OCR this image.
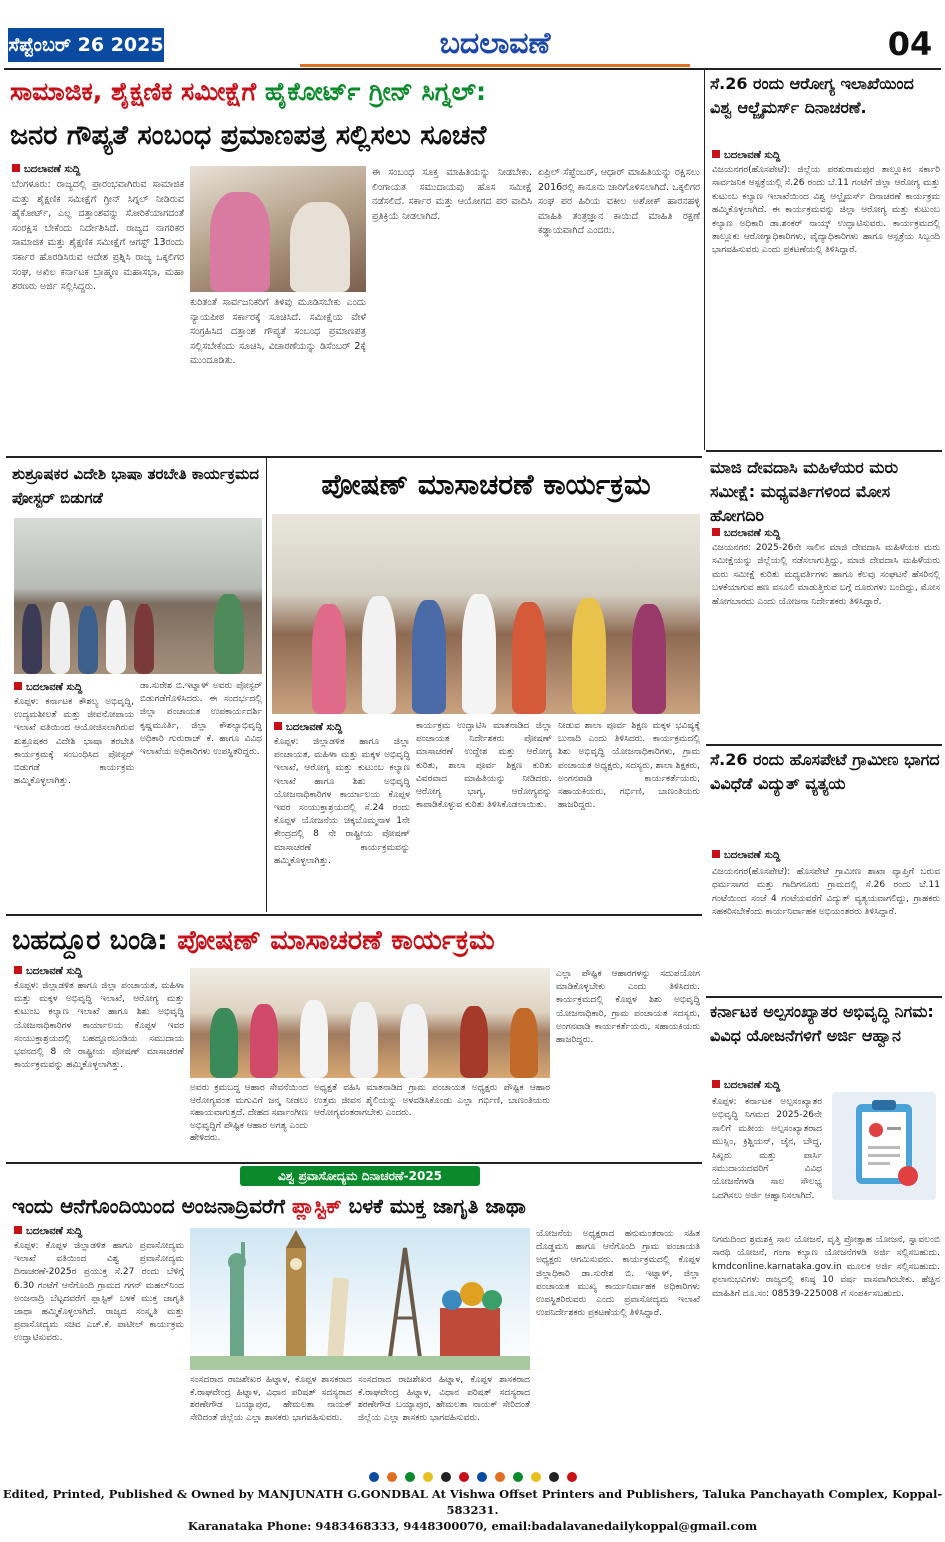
ಸೆಪ್ಟೆಂಬರ್ 26 2025	ಬದಲಾವಣೆ	04
ಸಾಮಾಜಿಕ, ಶೈಕ್ಷಣಿಕ ಸಮೀಕ್ಷೆಗೆ ಹೈಕೋರ್ಟ್ ಗ್ರೀನ್ ಸಿಗ್ನಲ್:
ಜನರ ಗೌಪ್ಯತೆ ಸಂಬಂಧ ಪ್ರಮಾಣಪತ್ರ ಸಲ್ಲಿಸಲು ಸೂಚನೆ
ಬದಲಾವಣೆ ಸುದ್ದಿ
ಬೆಂಗಳೂರು: ರಾಜ್ಯದಲ್ಲಿ ಪ್ರಾರಂಭವಾಗಿರುವ ಸಾಮಾಜಿಕ ಮತ್ತು ಶೈಕ್ಷಣಿಕ ಸಮೀಕ್ಷೆಗೆ ಗ್ರೀನ್ ಸಿಗ್ನಲ್ ನೀಡಿರುವ ಹೈಕೋರ್ಟ್, ಎಲ್ಲ ದತ್ತಾಂಶವನ್ನು ಸೋರಿಕೆಯಾಗದಂತೆ ಸಂರಕ್ಷಿಸ ಬೇಕೆಂದು ನಿರ್ದೇಶಿಸಿದೆ. ರಾಜ್ಯದ ನಾಗರಿಕರ ಸಾಮಾಜಿಕ ಮತ್ತು ಶೈಕ್ಷಣಿಕ ಸಮೀಕ್ಷೆಗೆ ಆಗಸ್ಟ್ 13ರಂದು ಸರ್ಕಾರ ಹೊರಡಿಸಿರುವ ಆದೇಶ ಪ್ರಶ್ನಿಸಿ ರಾಜ್ಯ ಒಕ್ಕಲಿಗರ ಸಂಘ, ಅಖಿಲ ಕರ್ನಾಟಕ ಬ್ರಾಹ್ಮಣ ಮಹಾಸಭಾ, ಮಹಾ ಶರಣರು ಅರ್ಜಿ ಸಲ್ಲಿಸಿದ್ದರು.
ಕುರಿತಂತೆ ಸಾರ್ವಜನಿಕರಿಗೆ ತಿಳಿವು ಮೂಡಿಸಬೇಕು ಎಂದು ನ್ಯಾಯಪೀಠ ಸರ್ಕಾರಕ್ಕೆ ಸೂಚಿಸಿದೆ. ಸಮೀಕ್ಷೆಯ ವೇಳೆ ಸಂಗ್ರಹಿಸಿದ ದತ್ತಾಂಶ ಗೌಪ್ಯತೆ ಸಂಬಂಧ ಪ್ರಮಾಣಪತ್ರ ಸಲ್ಲಿಸಬೇಕೆಂದು ಸೂಚಿಸಿ, ವಿಚಾರಣೆಯನ್ನು ಡಿಸೆಂಬರ್ 2ಕ್ಕೆ ಮುಂದೂಡಿತು.
ಈ ಸಂಬಂಧ ಸೂಕ್ತ ಮಾಹಿತಿಯನ್ನು ನೀಡಬೇಕು. ಲಿಂಗಾಯತ ಸಮುದಾಯವು ಹೊಸ ಸಮೀಕ್ಷೆ ನಡೆಸಲಿದೆ. ಸರ್ಕಾರ ಮತ್ತು ಆಯೋಗದ ಪರ ವಾದಿಸಿ ಪ್ರತಿಕ್ರಿಯೆ ನೀಡಲಾಗಿದೆ.
ಏಪ್ರಿಲ್ ಸೆಪ್ಟೆಂಬರ್, ಆಧಾರ್ ಮಾಹಿತಿಯನ್ನು ರಕ್ಷಿಸಲು 2016ರಲ್ಲಿ ಕಾನೂನು ಜಾರಿಗೊಳಿಸಲಾಗಿದೆ. ಒಕ್ಕಲಿಗರ ಸಂಘ ಪರ ಹಿರಿಯ ವಕೀಲ ಅಶೋಕ್ ಹಾರನಹಳ್ಳಿ ಮಾಹಿತಿ ತಂತ್ರಜ್ಞಾನ ಕಾಯಿದೆ ಮಾಹಿತಿ ರಕ್ಷಣೆ ಕಡ್ಡಾಯವಾಗಿದೆ ಎಂದರು.
ಸೆ.26 ರಂದು ಆರೋಗ್ಯ ಇಲಾಖೆಯಿಂದ ವಿಶ್ವ ಆಲ್ಜೈಮರ್ಸ್ ದಿನಾಚರಣೆ.
ಬದಲಾವಣೆ ಸುದ್ದಿ
ವಿಜಯನಗರ(ಹೊಸಪೇಟೆ): ಜಿಲ್ಲೆಯ ಪರಶುರಾಮಪುರ ತಾಲ್ಲೂಕಿನ ಸರ್ಕಾರಿ ಸಾರ್ವಜನಿಕ ಆಸ್ಪತ್ರೆಯಲ್ಲಿ ಸೆ.26 ರಂದು ಬೆ.11 ಗಂಟೆಗೆ ಜಿಲ್ಲಾ ಆರೋಗ್ಯ ಮತ್ತು ಕುಟುಂಬ ಕಲ್ಯಾಣ ಇಲಾಖೆಯಿಂದ ವಿಶ್ವ ಆಲ್ಜೈಮರ್ಸ್ ದಿನಾಚರಣೆ ಕಾರ್ಯಕ್ರಮ ಹಮ್ಮಿಕೊಳ್ಳಲಾಗಿದೆ. ಈ ಕಾರ್ಯಕ್ರಮವನ್ನು ಜಿಲ್ಲಾ ಆರೋಗ್ಯ ಮತ್ತು ಕುಟುಂಬ ಕಲ್ಯಾಣ ಅಧಿಕಾರಿ ಡಾ.ಶಂಕರ್ ನಾಯ್ಕ್ ಉದ್ಘಾಟಿಸುವರು. ಕಾರ್ಯಕ್ರಮದಲ್ಲಿ ತಾಲ್ಲೂಕು ಆರೋಗ್ಯಾಧಿಕಾರಿಗಳು, ವೈದ್ಯಾಧಿಕಾರಿಗಳು ಹಾಗೂ ಆಸ್ಪತ್ರೆಯ ಸಿಬ್ಬಂದಿ ಭಾಗವಹಿಸುವರು ಎಂದು ಪ್ರಕಟಣೆಯಲ್ಲಿ ತಿಳಿಸಿದ್ದಾರೆ.
ಮಾಜಿ ದೇವದಾಸಿ ಮಹಿಳೆಯರ ಮರು ಸಮೀಕ್ಷೆ: ಮಧ್ಯವರ್ತಿಗಳಿಂದ ಮೋಸ ಹೋಗದಿರಿ
ಬದಲಾವಣೆ ಸುದ್ದಿ
ವಿಜಯನಗರ: 2025-26ನೇ ಸಾಲಿನ ಮಾಜಿ ದೇವದಾಸಿ ಮಹಿಳೆಯರ ಮರು ಸಮೀಕ್ಷೆಯನ್ನು ಜಿಲ್ಲೆಯಲ್ಲಿ ನಡೆಸಲಾಗುತ್ತಿದ್ದು, ಮಾಜಿ ದೇವದಾಸಿ ಮಹಿಳೆಯರು ಮರು ಸಮೀಕ್ಷೆ ಕುರಿತು ಮಧ್ಯವರ್ತಿಗಳು ಹಾಗೂ ಕೆಲವು ಸಂಘಟನೆ ಹೆಸರಿನಲ್ಲಿ ಬಳಕೆಯಾಗುವ ಹಣ ವಸೂಲಿ ಮಾಡುತ್ತಿರುವ ಬಗ್ಗೆ ದೂರುಗಳು ಬಂದಿದ್ದು, ಮೋಸ ಹೋಗಬಾರದು ಎಂದು ಯೋಜನಾ ನಿರ್ದೇಶಕರು ತಿಳಿಸಿದ್ದಾರೆ.
ಸೆ.26 ರಂದು ಹೊಸಪೇಟೆ ಗ್ರಾಮೀಣ ಭಾಗದ ವಿವಿಧೆಡೆ ವಿದ್ಯುತ್ ವ್ಯತ್ಯಯ
ಬದಲಾವಣೆ ಸುದ್ದಿ
ವಿಜಯನಗರ(ಹೊಸಪೇಟೆ): ಹೊಸಪೇಟೆ ಗ್ರಾಮೀಣ ಶಾಖಾ ವ್ಯಾಪ್ತಿಗೆ ಬರುವ ಧರ್ಮಸಾಗರ ಮತ್ತು ಗಾದಿಗನೂರು ಗ್ರಾಮದಲ್ಲಿ ಸೆ.26 ರಂದು ಬೆ.11 ಗಂಟೆಯಿಂದ ಸಂಜೆ 4 ಗಂಟೆಯವರೆಗೆ ವಿದ್ಯುತ್ ವ್ಯತ್ಯಯವಾಗಲಿದ್ದು, ಗ್ರಾಹಕರು ಸಹಕರಿಸಬೇಕೆಂದು ಕಾರ್ಯನಿರ್ವಾಹಕ ಅಭಿಯಂತರರು ತಿಳಿಸಿದ್ದಾರೆ.
ಕರ್ನಾಟಕ ಅಲ್ಪಸಂಖ್ಯಾತರ ಅಭಿವೃದ್ಧಿ ನಿಗಮ: ವಿವಿಧ ಯೋಜನೆಗಳಿಗೆ ಅರ್ಜಿ ಆಹ್ವಾನ
ಬದಲಾವಣೆ ಸುದ್ದಿ
ಕೊಪ್ಪಳ: ಕರ್ನಾಟಕ ಅಲ್ಪಸಂಖ್ಯಾತರ ಅಭಿವೃದ್ಧಿ ನಿಗಮದ 2025-26ನೇ ಸಾಲಿಗೆ ಮತೀಯ ಅಲ್ಪಸಂಖ್ಯಾತರಾದ ಮುಸ್ಲಿಂ, ಕ್ರಿಶ್ಚಿಯನ್, ಜೈನ, ಬೌದ್ಧ, ಸಿಖ್ಖರು ಮತ್ತು ಪಾರ್ಸಿ ಸಮುದಾಯದವರಿಗೆ ವಿವಿಧ ಯೋಜನೆಗಳಡಿ ಸಾಲ ಸೌಲಭ್ಯ ಒದಗಿಸಲು ಅರ್ಜಿ ಆಹ್ವಾನಿಸಲಾಗಿದೆ.
ನಿಗಮದಿಂದ ಶ್ರಮಶಕ್ತಿ ಸಾಲ ಯೋಜನೆ, ವೃತ್ತಿ ಪ್ರೋತ್ಸಾಹ ಯೋಜನೆ, ಸ್ವಾವಲಂಬಿ ಸಾರಥಿ ಯೋಜನೆ, ಗಂಗಾ ಕಲ್ಯಾಣ ಯೋಜನೆಗಳಡಿ ಅರ್ಜಿ ಸಲ್ಲಿಸಬಹುದು. kmdconline.karnataka.gov.in ಮೂಲಕ ಅರ್ಜಿ ಸಲ್ಲಿಸಬಹುದು. ಫಲಾನುಭವಿಗಳು ರಾಜ್ಯದಲ್ಲಿ ಕನಿಷ್ಠ 10 ವರ್ಷ ವಾಸವಾಗಿರಬೇಕು. ಹೆಚ್ಚಿನ ಮಾಹಿತಿಗೆ ದೂ.ಸಂ: 08539-225008 ಗೆ ಸಂಪರ್ಕಿಸಬಹುದು.
ಶುಶ್ರೂಷಕರ ವಿದೇಶಿ ಭಾಷಾ ತರಬೇತಿ ಕಾರ್ಯಕ್ರಮದ ಪೋಸ್ಟರ್ ಬಿಡುಗಡೆ
ಬದಲಾವಣೆ ಸುದ್ದಿ
ಕೊಪ್ಪಳ: ಕರ್ನಾಟಕ ಕೌಶಲ್ಯ ಅಭಿವೃದ್ಧಿ, ಉದ್ಯಮಶೀಲತೆ ಮತ್ತು ಜೀವನೋಪಾಯ ಇಲಾಖೆ ವತಿಯಿಂದ ಆಯೋಜಿಸಲಾಗಿರುವ ಶುಶ್ರೂಷಕರ ವಿದೇಶಿ ಭಾಷಾ ತರಬೇತಿ ಕಾರ್ಯಕ್ರಮಕ್ಕೆ ಸಂಬಂಧಿಸಿದ ಪೋಸ್ಟರ್ ಬಿಡುಗಡೆ ಕಾರ್ಯಕ್ರಮ ಹಮ್ಮಿಕೊಳ್ಳಲಾಗಿತ್ತು.
ಡಾ.ಸುರೇಶ ಬಿ.ಇಟ್ನಾಳ್ ಅವರು ಪೋಸ್ಟರ್ ಬಿಡುಗಡೆಗೊಳಿಸಿದರು. ಈ ಸಂದರ್ಭದಲ್ಲಿ ಜಿಲ್ಲಾ ಪಂಚಾಯತ ಉಪಕಾರ್ಯದರ್ಶಿ ಕೃಷ್ಣಮೂರ್ತಿ, ಜಿಲ್ಲಾ ಕೌಶಲ್ಯಾಭಿವೃದ್ಧಿ ಅಧಿಕಾರಿ ಗುರುರಾಜ್ ಕೆ. ಹಾಗೂ ವಿವಿಧ ಇಲಾಖೆಯ ಅಧಿಕಾರಿಗಳು ಉಪಸ್ಥಿತರಿದ್ದರು.
ಪೋಷಣ್ ಮಾಸಾಚರಣೆ ಕಾರ್ಯಕ್ರಮ
ಬದಲಾವಣೆ ಸುದ್ದಿ
ಕೊಪ್ಪಳ: ಜಿಲ್ಲಾಡಳಿತ ಹಾಗೂ ಜಿಲ್ಲಾ ಪಂಚಾಯತ, ಮಹಿಳಾ ಮತ್ತು ಮಕ್ಕಳ ಅಭಿವೃದ್ಧಿ ಇಲಾಖೆ, ಆರೋಗ್ಯ ಮತ್ತು ಕುಟುಂಬ ಕಲ್ಯಾಣ ಇಲಾಖೆ ಹಾಗೂ ಶಿಶು ಅಭಿವೃದ್ಧಿ ಯೋಜನಾಧಿಕಾರಿಗಳ ಕಾರ್ಯಾಲಯ ಕೊಪ್ಪಳ ಇವರ ಸಂಯುಕ್ತಾಶ್ರಯದಲ್ಲಿ ಸೆ.24 ರಂದು ಕೊಪ್ಪಳ ಯೋಜನೆಯ ಚಿಕ್ಕಬೊಮ್ಮನಾಳ 1ನೇ ಕೇಂದ್ರದಲ್ಲಿ 8 ನೇ ರಾಷ್ಟ್ರೀಯ ಪೋಷಣ್ ಮಾಸಾಚರಣೆ ಕಾರ್ಯಕ್ರಮವನ್ನು ಹಮ್ಮಿಕೊಳ್ಳಲಾಗಿತ್ತು.
ಕಾರ್ಯಕ್ರಮ ಉದ್ಘಾಟಿಸಿ ಮಾತನಾಡಿದ ಜಿಲ್ಲಾ ಪಂಚಾಯತ ನಿರ್ದೇಶಕರು ಪೋಷಣ್ ಮಾಸಾಚರಣೆ ಉದ್ದೇಶ ಮತ್ತು ಆರೋಗ್ಯ ಕುರಿತು, ಶಾಲಾ ಪೂರ್ವ ಶಿಕ್ಷಣ ಕುರಿತು ವಿವರವಾದ ಮಾಹಿತಿಯನ್ನು ನೀಡಿದರು. ಆರೋಗ್ಯ ಭಾಗ್ಯ, ಆರೋಗ್ಯವನ್ನು ಕಾಪಾಡಿಕೊಳ್ಳುವ ಕುರಿತು ತಿಳಿಸಿಕೊಡಲಾಯಿತು.
ನೀಡುವ ಶಾಲಾ ಪೂರ್ವ ಶಿಕ್ಷಣ ಮಕ್ಕಳ ಭವಿಷ್ಯಕ್ಕೆ ಬುನಾದಿ ಎಂದು ತಿಳಿಸಿದರು. ಕಾರ್ಯಕ್ರಮದಲ್ಲಿ ಶಿಶು ಅಭಿವೃದ್ಧಿ ಯೋಜನಾಧಿಕಾರಿಗಳು, ಗ್ರಾಮ ಪಂಚಾಯತ ಅಧ್ಯಕ್ಷರು, ಸದಸ್ಯರು, ಶಾಲಾ ಶಿಕ್ಷಕರು, ಅಂಗನವಾಡಿ ಕಾರ್ಯಕರ್ತೆಯರು, ಸಹಾಯಕಿಯರು, ಗರ್ಭಿಣಿ, ಬಾಣಂತಿಯರು ಹಾಜರಿದ್ದರು.
ಬಹದ್ದೂರ ಬಂಡಿ: ಪೋಷಣ್ ಮಾಸಾಚರಣೆ ಕಾರ್ಯಕ್ರಮ
ಬದಲಾವಣೆ ಸುದ್ದಿ
ಕೊಪ್ಪಳ: ಜಿಲ್ಲಾಡಳಿತ ಹಾಗೂ ಜಿಲ್ಲಾ ಪಂಚಾಯತ, ಮಹಿಳಾ ಮತ್ತು ಮಕ್ಕಳ ಅಭಿವೃದ್ಧಿ ಇಲಾಖೆ, ಆರೋಗ್ಯ ಮತ್ತು ಕುಟುಂಬ ಕಲ್ಯಾಣ ಇಲಾಖೆ ಹಾಗೂ ಶಿಶು ಅಭಿವೃದ್ಧಿ ಯೋಜನಾಧಿಕಾರಿಗಳ ಕಾರ್ಯಾಲಯ ಕೊಪ್ಪಳ ಇವರ ಸಂಯುಕ್ತಾಶ್ರಯದಲ್ಲಿ ಬಹದ್ದೂರಬಂಡಿಯ ಸಮುದಾಯ ಭವನದಲ್ಲಿ 8 ನೇ ರಾಷ್ಟ್ರೀಯ ಪೋಷಣ್ ಮಾಸಾಚರಣೆ ಕಾರ್ಯಕ್ರಮವನ್ನು ಹಮ್ಮಿಕೊಳ್ಳಲಾಗಿತ್ತು.
ಅವರು ಕ್ರಮಬದ್ಧ ಆಹಾರ ಸೇವನೆಯಿಂದ ಆರೋಗ್ಯವಂತ ಮಗುವಿಗೆ ಜನ್ಮ ನೀಡಲು ಸಹಾಯವಾಗುತ್ತದೆ. ದೇಹದ ಸರ್ವಾಂಗೀಣ ಅಭಿವೃದ್ಧಿಗೆ ಪೌಷ್ಟಿಕ ಆಹಾರ ಅಗತ್ಯ ಎಂದು ಹೇಳಿದರು.
ಅಧ್ಯಕ್ಷತೆ ವಹಿಸಿ ಮಾತನಾಡಿದ ಗ್ರಾಮ ಪಂಚಾಯತ ಅಧ್ಯಕ್ಷರು ಪೌಷ್ಟಿಕ ಆಹಾರ ಉತ್ತಮ ಜೀವನ ಶೈಲಿಯನ್ನು ಅಳವಡಿಸಿಕೊಂಡು ಎಲ್ಲಾ ಗರ್ಭಿಣಿ, ಬಾಣಂತಿಯರು ಆರೋಗ್ಯವಂತರಾಗಬೇಕು ಎಂದರು.
ಎಲ್ಲಾ ಪೌಷ್ಟಿಕ ಆಹಾರಗಳನ್ನು ಸದುಪಯೋಗ ಮಾಡಿಕೊಳ್ಳಬೇಕು ಎಂದು ತಿಳಿಸಿದರು. ಕಾರ್ಯಕ್ರಮದಲ್ಲಿ ಕೊಪ್ಪಳ ಶಿಶು ಅಭಿವೃದ್ಧಿ ಯೋಜನಾಧಿಕಾರಿ, ಗ್ರಾಮ ಪಂಚಾಯತ ಸದಸ್ಯರು, ಅಂಗನವಾಡಿ ಕಾರ್ಯಕರ್ತೆಯರು, ಸಹಾಯಕಿಯರು ಹಾಜರಿದ್ದರು.
ವಿಶ್ವ ಪ್ರವಾಸೋದ್ಯಮ ದಿನಾಚರಣೆ-2025
ಇಂದು ಆನೆಗೊಂದಿಯಿಂದ ಅಂಜನಾದ್ರಿವರೆಗೆ ಪ್ಲಾಸ್ಟಿಕ್ ಬಳಕೆ ಮುಕ್ತ ಜಾಗೃತಿ ಜಾಥಾ
ಬದಲಾವಣೆ ಸುದ್ದಿ
ಕೊಪ್ಪಳ: ಕೊಪ್ಪಳ ಜಿಲ್ಲಾಡಳಿತ ಹಾಗೂ ಪ್ರವಾಸೋದ್ಯಮ ಇಲಾಖೆ ವತಿಯಿಂದ ವಿಶ್ವ ಪ್ರವಾಸೋದ್ಯಮ ದಿನಾಚರಣೆ-2025ರ ಪ್ರಯುಕ್ತ ಸೆ.27 ರಂದು ಬೆಳಿಗ್ಗೆ 6.30 ಗಂಟೆಗೆ ಆನೆಗೊಂದಿ ಗ್ರಾಮದ ಗಗನ್ ಮಹಲ್‌ನಿಂದ ಅಂಜನಾದ್ರಿ ಬೆಟ್ಟದವರೆಗೆ ಪ್ಲಾಸ್ಟಿಕ್ ಬಳಕೆ ಮುಕ್ತ ಜಾಗೃತಿ ಜಾಥಾ ಹಮ್ಮಿಕೊಳ್ಳಲಾಗಿದೆ. ರಾಜ್ಯದ ಸಂಸ್ಕೃತಿ ಮತ್ತು ಪ್ರವಾಸೋದ್ಯಮ ಸಚಿವ ಎಚ್.ಕೆ. ಪಾಟೀಲ್ ಕಾರ್ಯಕ್ರಮ ಉದ್ಘಾಟಿಸುವರು.
ಸಂಸದರಾದ ರಾಜಶೇಖರ ಹಿಟ್ನಾಳ, ಕೊಪ್ಪಳ ಶಾಸಕರಾದ ಕೆ.ರಾಘವೇಂದ್ರ ಹಿಟ್ನಾಳ, ವಿಧಾನ ಪರಿಷತ್ ಸದಸ್ಯರಾದ ಶರಣೇಗೌಡ ಬಯ್ಯಾಪುರ, ಹೇಮಲತಾ ನಾಯಕ್ ಸೇರಿದಂತೆ ಜಿಲ್ಲೆಯ ಎಲ್ಲಾ ಶಾಸಕರು ಭಾಗವಹಿಸುವರು.
ಸಂಸದರಾದ ರಾಜಶೇಖರ ಹಿಟ್ನಾಳ, ಕೊಪ್ಪಳ ಶಾಸಕರಾದ ಕೆ.ರಾಘವೇಂದ್ರ ಹಿಟ್ನಾಳ, ವಿಧಾನ ಪರಿಷತ್ ಸದಸ್ಯರಾದ ಶರಣೇಗೌಡ ಬಯ್ಯಾಪುರ, ಹೇಮಲತಾ ನಾಯಕ್ ಸೇರಿದಂತೆ ಜಿಲ್ಲೆಯ ಎಲ್ಲಾ ಶಾಸಕರು ಭಾಗವಹಿಸುವರು.
ಯೋಜನೆಯ ಅಧ್ಯಕ್ಷರಾದ ಹನುಮಂತರಾಯ ಸಹಿತ ದೊಡ್ಡಮನಿ ಹಾಗೂ ಆನೆಗೊಂದಿ ಗ್ರಾಮ ಪಂಚಾಯತಿ ಅಧ್ಯಕ್ಷರು ಆಗಮಿಸುವರು. ಕಾರ್ಯಕ್ರಮದಲ್ಲಿ ಕೊಪ್ಪಳ ಜಿಲ್ಲಾಧಿಕಾರಿ ಡಾ.ಸುರೇಶ ಬಿ. ಇಟ್ನಾಳ್, ಜಿಲ್ಲಾ ಪಂಚಾಯತ ಮುಖ್ಯ ಕಾರ್ಯನಿರ್ವಾಹಕ ಅಧಿಕಾರಿಗಳು ಉಪಸ್ಥಿತರಿರುವರು ಎಂದು ಪ್ರವಾಸೋದ್ಯಮ ಇಲಾಖೆ ಉಪನಿರ್ದೇಶಕರು ಪ್ರಕಟಣೆಯಲ್ಲಿ ತಿಳಿಸಿದ್ದಾರೆ.
Edited, Printed, Published & Owned by MANJUNATH G.GONDBAL At Vishwa Offset Printers and Publishers, Taluka Panchayath Complex, Koppal-583231.
Karanataka Phone: 9483468333, 9448300070, email:badalavanedailykoppal@gmail.com
